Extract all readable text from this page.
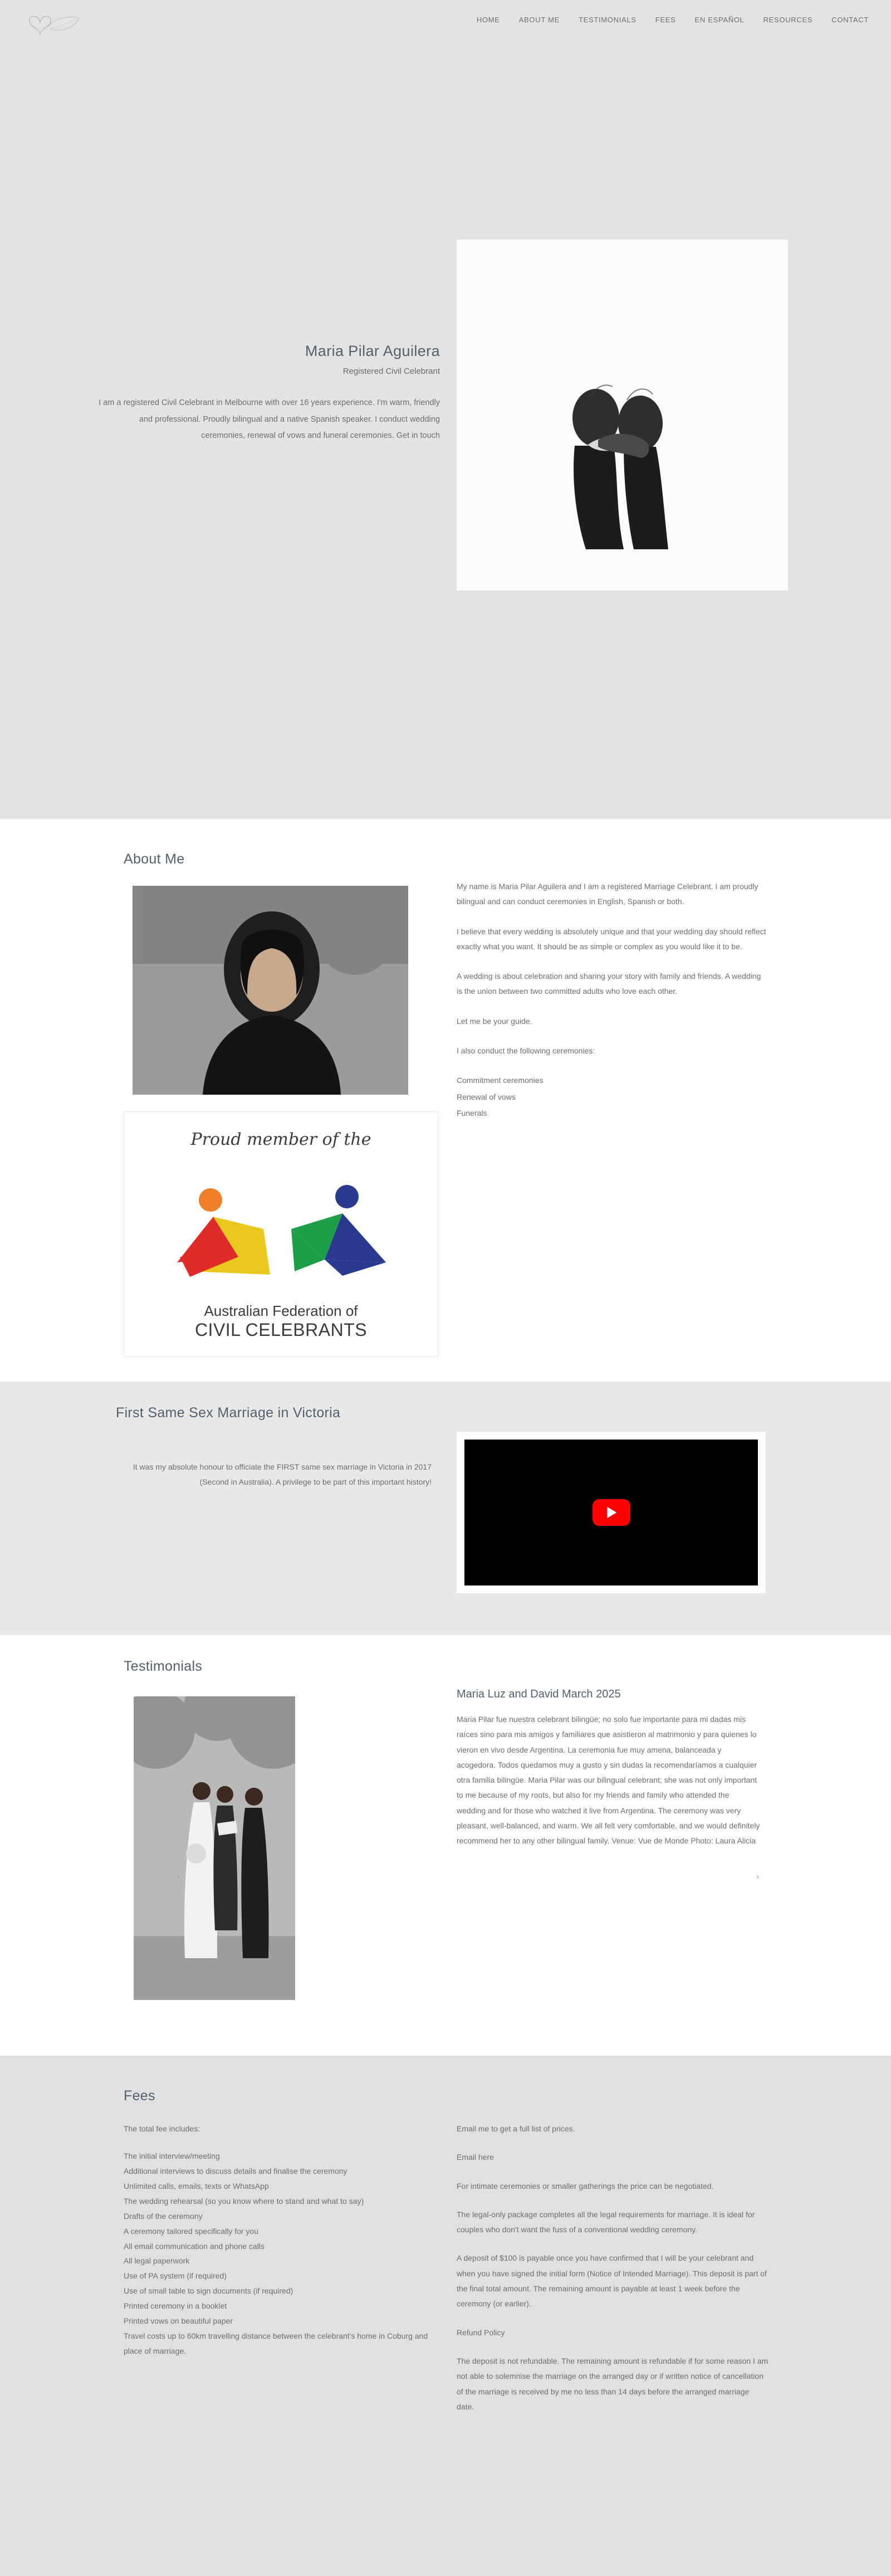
HOME	ABOUT ME	TESTIMONIALS	FEES	EN ESPAÑOL	RESOURCES	CONTACT
Maria Pilar Aguilera
Registered Civil Celebrant

I am a registered Civil Celebrant in Melbourne with over 16 years experience. I'm warm, friendly and professional. Proudly bilingual and a native Spanish speaker. I conduct wedding ceremonies, renewal of vows and funeral ceremonies. Get in touch

About Me

My name is Maria Pilar Aguilera and I am a registered Marriage Celebrant. I am proudly bilingual and can conduct ceremonies in English, Spanish or both.

I believe that every wedding is absolutely unique and that your wedding day should reflect exactly what you want. It should be as simple or complex as you would like it to be.

A wedding is about celebration and sharing your story with family and friends. A wedding is the union between two committed adults who love each other.

Let me be your guide.

I also conduct the following ceremonies:

Commitment ceremonies

Renewal of vows

Funerals

Proud member of the
Australian Federation of
CIVIL CELEBRANTS
First Same Sex Marriage in Victoria

It was my absolute honour to officiate the FIRST same sex marriage in Victoria in 2017 (Second in Australia). A privilege to be part of this important history!

Testimonials
‹	›
Maria Luz and David March 2025

Maria Pilar fue nuestra celebrant bilingüe; no solo fue importante para mi dadas mis raíces sino para mis amigos y familiares que asistieron al matrimonio y para quienes lo vieron en vivo desde Argentina. La ceremonia fue muy amena, balanceada y acogedora. Todos quedamos muy a gusto y sin dudas la recomendaríamos a cualquier otra familia bilingüe. Maria Pilar was our bilingual celebrant; she was not only important to me because of my roots, but also for my friends and family who attended the wedding and for those who watched it live from Argentina. The ceremony was very pleasant, well-balanced, and warm. We all felt very comfortable, and we would definitely recommend her to any other bilingual family. Venue: Vue de Monde Photo: Laura Alicia

Fees

The total fee includes:

The initial interview/meeting
Additional interviews to discuss details and finalise the ceremony
Unlimited calls, emails, texts or WhatsApp
The wedding rehearsal (so you know where to stand and what to say)
Drafts of the ceremony
A ceremony tailored specifically for you
All email communication and phone calls
All legal paperwork
Use of PA system (if required)
Use of small table to sign documents (if required)
Printed ceremony in a booklet
Printed vows on beautiful paper
Travel costs up to 60km travelling distance between the celebrant's home in Coburg and place of marriage.

Email me to get a full list of prices.

Email here

For intimate ceremonies or smaller gatherings the price can be negotiated.

The legal-only package completes all the legal requirements for marriage. It is ideal for couples who don't want the fuss of a conventional wedding ceremony.

A deposit of $100 is payable once you have confirmed that I will be your celebrant and when you have signed the initial form (Notice of Intended Marriage). This deposit is part of the final total amount. The remaining amount is payable at least 1 week before the ceremony (or earlier).

Refund Policy

The deposit is not refundable. The remaining amount is refundable if for some reason I am not able to solemnise the marriage on the arranged day or if written notice of cancellation of the marriage is received by me no less than 14 days before the arranged marriage date.
